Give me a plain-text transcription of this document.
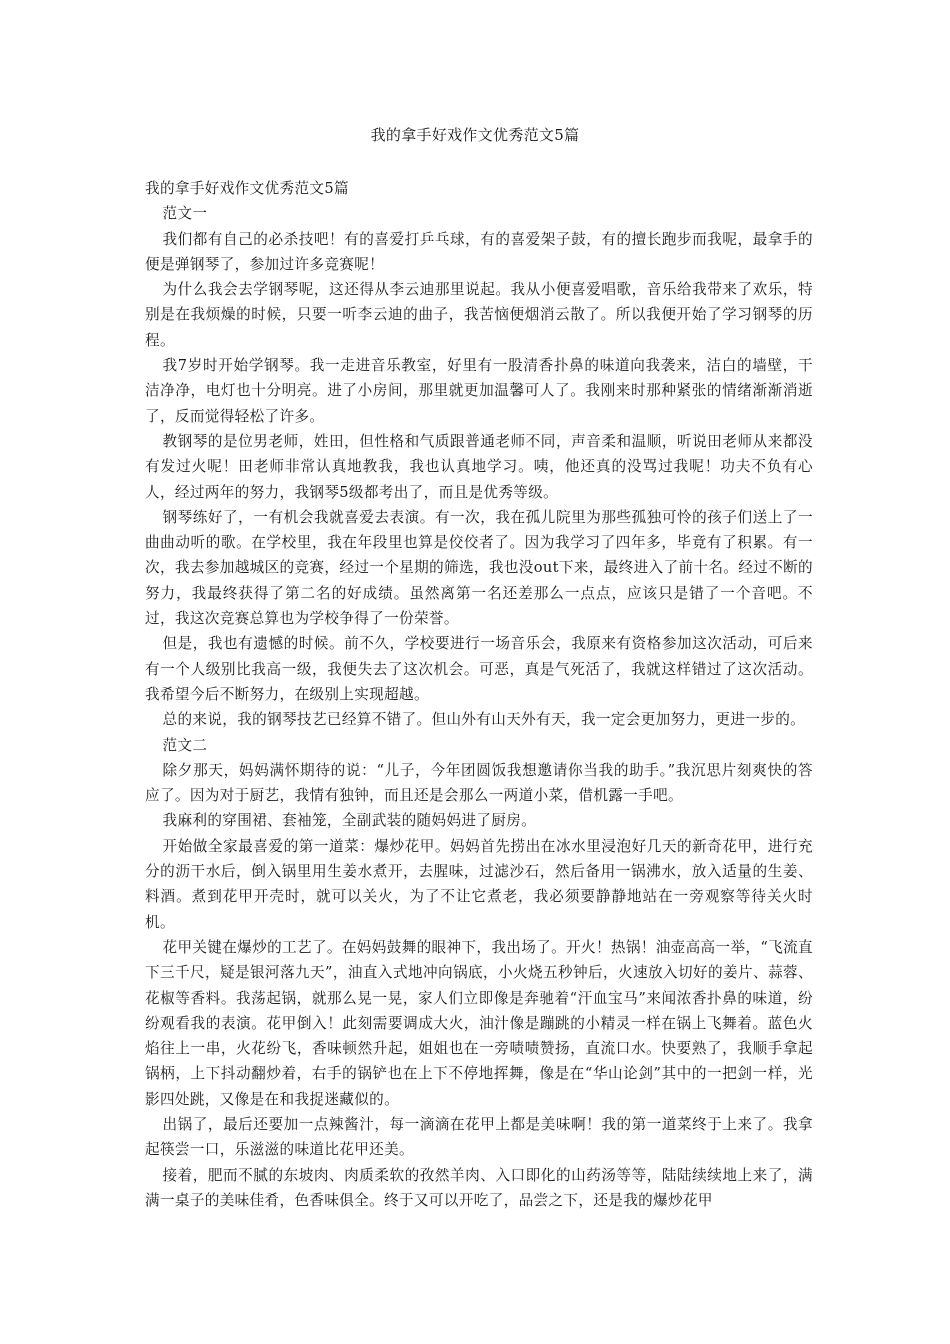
我的拿手好戏作文优秀范文5篇

我的拿手好戏作文优秀范文5篇

范文一

我们都有自己的必杀技吧！有的喜爱打乒乓球，有的喜爱架子鼓，有的擅长跑步而我呢，最拿手的便是弹钢琴了，参加过许多竞赛呢！

为什么我会去学钢琴呢，这还得从李云迪那里说起。我从小便喜爱唱歌，音乐给我带来了欢乐，特别是在我烦燥的时候，只要一听李云迪的曲子，我苦恼便烟消云散了。所以我便开始了学习钢琴的历程。

我7岁时开始学钢琴。我一走进音乐教室，好里有一股清香扑鼻的味道向我袭来，洁白的墙壁，干洁净净，电灯也十分明亮。进了小房间，那里就更加温馨可人了。我刚来时那种紧张的情绪渐渐消逝了，反而觉得轻松了许多。

教钢琴的是位男老师，姓田，但性格和气质跟普通老师不同，声音柔和温顺，听说田老师从来都没有发过火呢！田老师非常认真地教我，我也认真地学习。咦，他还真的没骂过我呢！功夫不负有心人，经过两年的努力，我钢琴5级都考出了，而且是优秀等级。

钢琴练好了，一有机会我就喜爱去表演。有一次，我在孤儿院里为那些孤独可怜的孩子们送上了一曲曲动听的歌。在学校里，我在年段里也算是佼佼者了。因为我学习了四年多，毕竟有了积累。有一次，我去参加越城区的竞赛，经过一个星期的筛选，我也没out下来，最终进入了前十名。经过不断的努力，我最终获得了第二名的好成绩。虽然离第一名还差那么一点点，应该只是错了一个音吧。不过，我这次竞赛总算也为学校争得了一份荣誉。

但是，我也有遗憾的时候。前不久，学校要进行一场音乐会，我原来有资格参加这次活动，可后来有一个人级别比我高一级，我便失去了这次机会。可恶，真是气死活了，我就这样错过了这次活动。我希望今后不断努力，在级别上实现超越。

总的来说，我的钢琴技艺已经算不错了。但山外有山天外有天，我一定会更加努力，更进一步的。

范文二

除夕那天，妈妈满怀期待的说：“儿子，今年团圆饭我想邀请你当我的助手。”我沉思片刻爽快的答应了。因为对于厨艺，我情有独钟，而且还是会那么一两道小菜，借机露一手吧。

我麻利的穿围裙、套袖笼，全副武装的随妈妈进了厨房。

开始做全家最喜爱的第一道菜：爆炒花甲。妈妈首先捞出在冰水里浸泡好几天的新奇花甲，进行充分的沥干水后，倒入锅里用生姜水煮开，去腥味，过滤沙石，然后备用一锅沸水，放入适量的生姜、料酒。煮到花甲开壳时，就可以关火，为了不让它煮老，我必须要静静地站在一旁观察等待关火时机。

花甲关键在爆炒的工艺了。在妈妈鼓舞的眼神下，我出场了。开火！热锅！油壶高高一举，“飞流直下三千尺，疑是银河落九天”，油直入式地冲向锅底，小火烧五秒钟后，火速放入切好的姜片、蒜蓉、花椒等香料。我荡起锅，就那么晃一晃，家人们立即像是奔驰着“汗血宝马”来闻浓香扑鼻的味道，纷纷观看我的表演。花甲倒入！此刻需要调成大火，油汁像是蹦跳的小精灵一样在锅上飞舞着。蓝色火焰往上一串，火花纷飞，香味顿然升起，姐姐也在一旁啧啧赞扬，直流口水。快要熟了，我顺手拿起锅柄，上下抖动翻炒着，右手的锅铲也在上下不停地挥舞，像是在“华山论剑”其中的一把剑一样，光影四处跳，又像是在和我捉迷藏似的。

出锅了，最后还要加一点辣酱汁，每一滴滴在花甲上都是美味啊！我的第一道菜终于上来了。我拿起筷尝一口，乐滋滋的味道比花甲还美。

接着，肥而不腻的东坡肉、肉质柔软的孜然羊肉、入口即化的山药汤等等，陆陆续续地上来了，满满一桌子的美味佳肴，色香味俱全。终于又可以开吃了，品尝之下，还是我的爆炒花甲
